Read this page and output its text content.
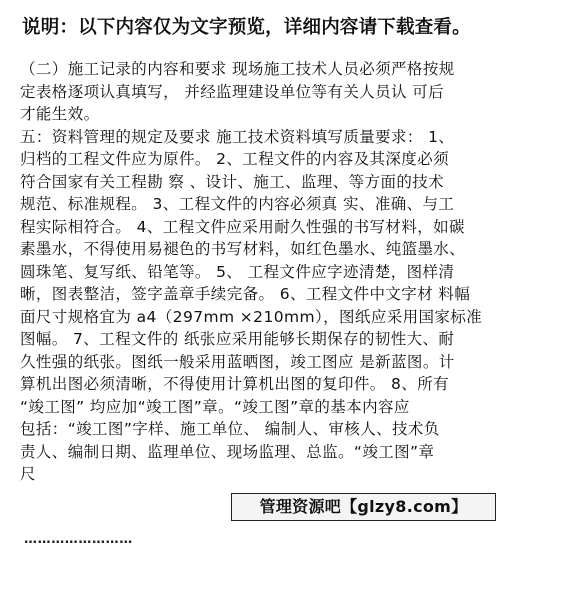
说明：以下内容仅为文字预览，详细内容请下载查看。
（二）施工记录的内容和要求 现场施工技术人员必须严格按规
定表格逐项认真填写， 并经监理建设单位等有关人员认 可后
才能生效。
五：资料管理的规定及要求 施工技术资料填写质量要求： 1、
归档的工程文件应为原件。 2、工程文件的内容及其深度必须
符合国家有关工程勘 察 、设计、施工、监理、等方面的技术
规范、标准规程。 3、工程文件的内容必须真 实、准确、与工
程实际相符合。 4、工程文件应采用耐久性强的书写材料，如碳
素墨水，不得使用易褪色的书写材料，如红色墨水、纯篮墨水、
圆珠笔、复写纸、铅笔等。 5、 工程文件应字迹清楚，图样清
晰，图表整洁，签字盖章手续完备。 6、工程文件中文字材 料幅
面尺寸规格宜为 a4（297mm ×210mm），图纸应采用国家标准
图幅。 7、工程文件的 纸张应采用能够长期保存的韧性大、耐
久性强的纸张。图纸一般采用蓝晒图，竣工图应 是新蓝图。计
算机出图必须清晰，不得使用计算机出图的复印件。 8、所有
“竣工图” 均应加“竣工图”章。“竣工图”章的基本内容应
包括：“竣工图”字样、施工单位、 编制人、审核人、技术负
责人、编制日期、监理单位、现场监理、总监。“竣工图”章
尺
管理资源吧【glzy8.com】
……………………
